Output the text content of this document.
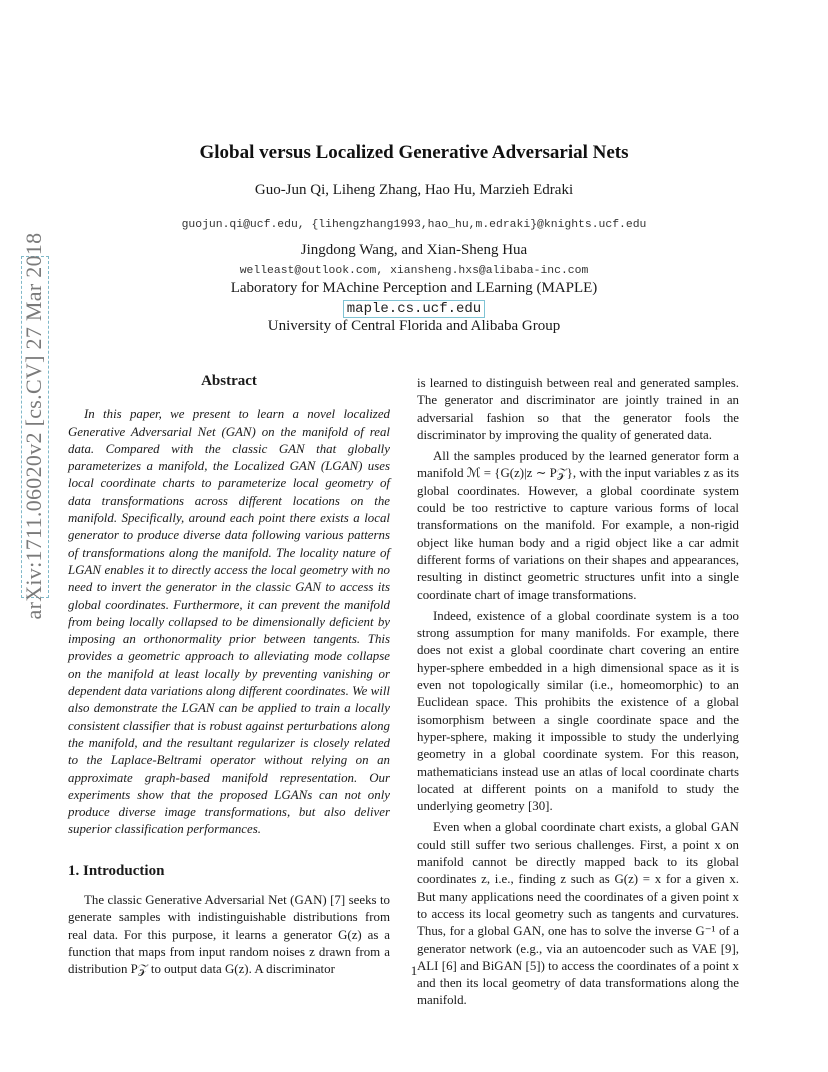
arXiv:1711.06020v2 [cs.CV] 27 Mar 2018
Global versus Localized Generative Adversarial Nets
Guo-Jun Qi, Liheng Zhang, Hao Hu, Marzieh Edraki
guojun.qi@ucf.edu, {lihengzhang1993,hao_hu,m.edraki}@knights.ucf.edu
Jingdong Wang, and Xian-Sheng Hua
welleast@outlook.com, xiansheng.hxs@alibaba-inc.com
Laboratory for MAchine Perception and LEarning (MAPLE)
maple.cs.ucf.edu
University of Central Florida and Alibaba Group
Abstract

In this paper, we present to learn a novel localized Generative Adversarial Net (GAN) on the manifold of real data. Compared with the classic GAN that globally parameterizes a manifold, the Localized GAN (LGAN) uses local coordinate charts to parameterize local geometry of data transformations across different locations on the manifold. Specifically, around each point there exists a local generator to produce diverse data following various patterns of transformations along the manifold. The locality nature of LGAN enables it to directly access the local geometry with no need to invert the generator in the classic GAN to access its global coordinates. Furthermore, it can prevent the manifold from being locally collapsed to be dimensionally deficient by imposing an orthonormality prior between tangents. This provides a geometric approach to alleviating mode collapse on the manifold at least locally by preventing vanishing or dependent data variations along different coordinates. We will also demonstrate the LGAN can be applied to train a locally consistent classifier that is robust against perturbations along the manifold, and the resultant regularizer is closely related to the Laplace-Beltrami operator without relying on an approximate graph-based manifold representation. Our experiments show that the proposed LGANs can not only produce diverse image transformations, but also deliver superior classification performances.

1. Introduction

The classic Generative Adversarial Net (GAN) [7] seeks to generate samples with indistinguishable distributions from real data. For this purpose, it learns a generator G(z) as a function that maps from input random noises z drawn from a distribution P𝒵 to output data G(z). A discriminator

is learned to distinguish between real and generated samples. The generator and discriminator are jointly trained in an adversarial fashion so that the generator fools the discriminator by improving the quality of generated data.

All the samples produced by the learned generator form a manifold ℳ = {G(z)|z ∼ P𝒵}, with the input variables z as its global coordinates. However, a global coordinate system could be too restrictive to capture various forms of local transformations on the manifold. For example, a non-rigid object like human body and a rigid object like a car admit different forms of variations on their shapes and appearances, resulting in distinct geometric structures unfit into a single coordinate chart of image transformations.

Indeed, existence of a global coordinate system is a too strong assumption for many manifolds. For example, there does not exist a global coordinate chart covering an entire hyper-sphere embedded in a high dimensional space as it is even not topologically similar (i.e., homeomorphic) to an Euclidean space. This prohibits the existence of a global isomorphism between a single coordinate space and the hyper-sphere, making it impossible to study the underlying geometry in a global coordinate system. For this reason, mathematicians instead use an atlas of local coordinate charts located at different points on a manifold to study the underlying geometry [30].

Even when a global coordinate chart exists, a global GAN could still suffer two serious challenges. First, a point x on manifold cannot be directly mapped back to its global coordinates z, i.e., finding z such as G(z) = x for a given x. But many applications need the coordinates of a given point x to access its local geometry such as tangents and curvatures. Thus, for a global GAN, one has to solve the inverse G⁻¹ of a generator network (e.g., via an autoencoder such as VAE [9], ALI [6] and BiGAN [5]) to access the coordinates of a point x and then its local geometry of data transformations along the manifold.

1
